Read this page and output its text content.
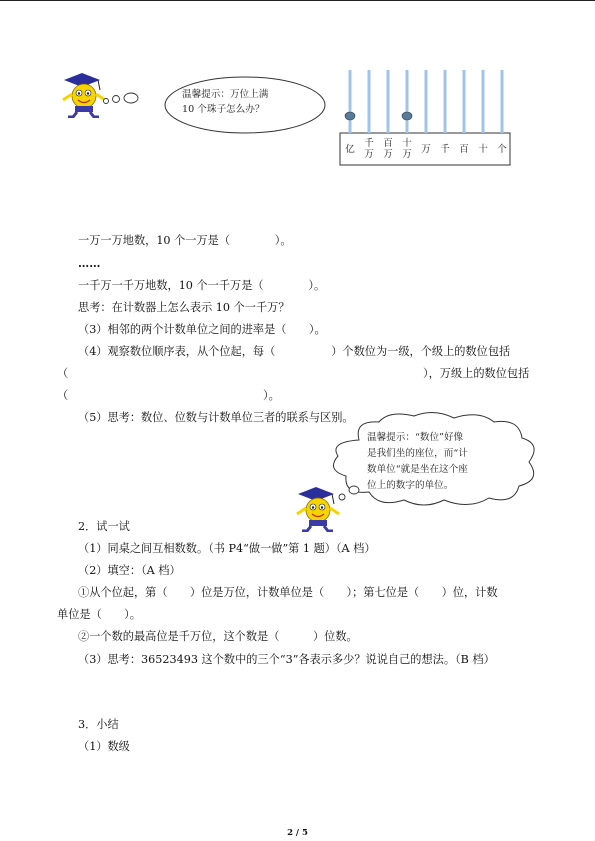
温馨提示：万位上满
10 个珠子怎么办？
亿
千
万
百
万
十
万 万 千 百 十 个
一万一万地数，10 个一万是（　　　　）。
……
一千万一千万地数，10 个一千万是（　　　　）。
思考：在计数器上怎么表示 10 个一千万？
（3）相邻的两个计数单位之间的进率是（　　）。
（4）观察数位顺序表，从个位起，每（　　　　　）个数位为一级，个级上的数位包括
（	），万级上的数位包括
（	）。
（5）思考：数位、位数与计数单位三者的联系与区别。
温馨提示：“数位”好像
是我们坐的座位，而“计
数单位“就是坐在这个座
位上的数字的单位。
2．试一试
（1）同桌之间互相数数。（书 P4“做一做”第 1 题）（A 档）
（2）填空：（A 档）
①从个位起，第（　　）位是万位，计数单位是（　　）；第七位是（　　）位，计数
单位是（　　）。
②一个数的最高位是千万位，这个数是（　　　）位数。
（3）思考：36523493 这个数中的三个“3”各表示多少？说说自己的想法。（B 档）
3．小结
（1）数级
2 / 5
